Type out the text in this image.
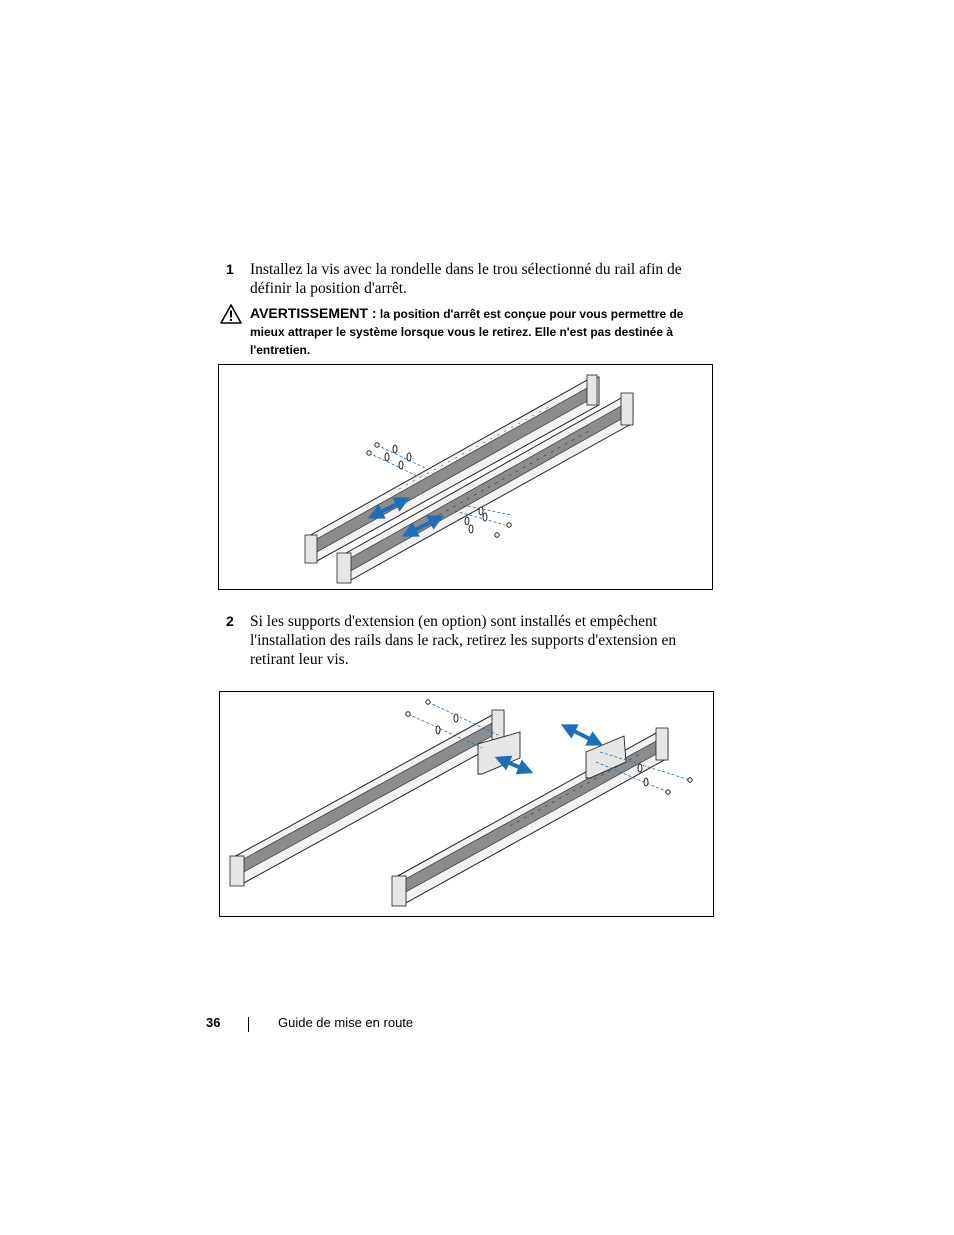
1 Installez la vis avec la rondelle dans le trou sélectionné du rail afin de définir la position d'arrêt.
AVERTISSEMENT : la position d'arrêt est conçue pour vous permettre de mieux attraper le système lorsque vous le retirez. Elle n'est pas destinée à l'entretien.
2 Si les supports d'extension (en option) sont installés et empêchent l'installation des rails dans le rack, retirez les supports d'extension en retirant leur vis.
36	Guide de mise en route
